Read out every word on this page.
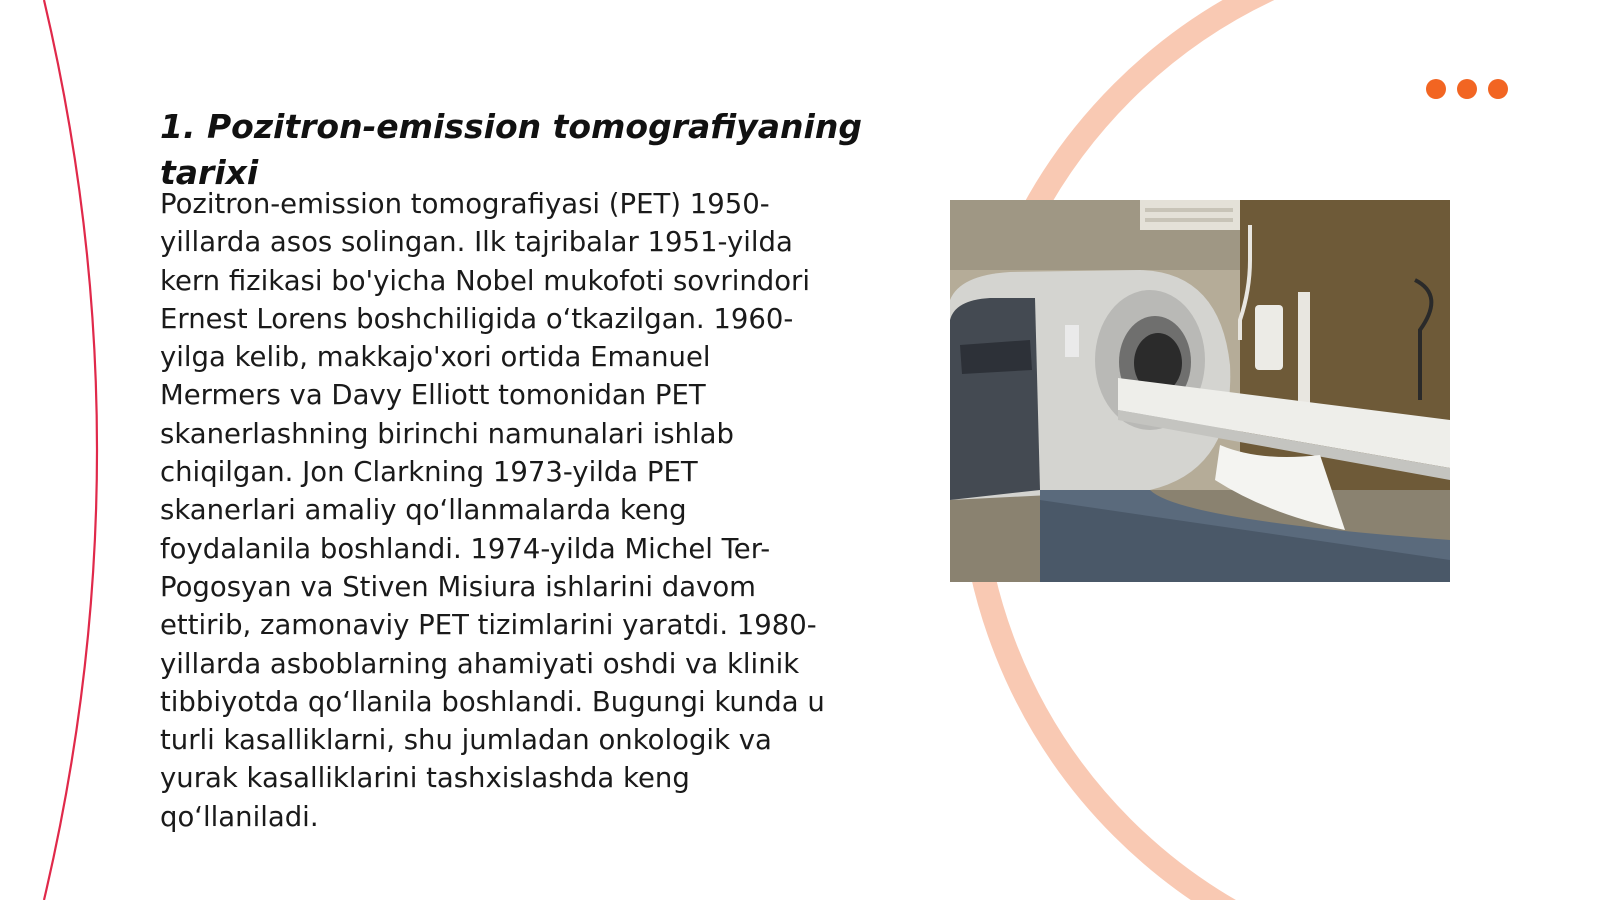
1. Pozitron-emission tomografiyaning tarixi

Pozitron-emission tomografiyasi (PET) 1950-yillarda asos solingan. Ilk tajribalar 1951-yilda kern fizikasi bo'yicha Nobel mukofoti sovrindori Ernest Lorens boshchiligida o‘tkazilgan. 1960-yilga kelib, makkajo'xori ortida Emanuel Mermers va Davy Elliott tomonidan PET skanerlashning birinchi namunalari ishlab chiqilgan. Jon Clarkning 1973-yilda PET skanerlari amaliy qo‘llanmalarda keng foydalanila boshlandi. 1974-yilda Michel Ter-Pogosyan va Stiven Misiura ishlarini davom ettirib, zamonaviy PET tizimlarini yaratdi. 1980-yillarda asboblarning ahamiyati oshdi va klinik tibbiyotda qo‘llanila boshlandi. Bugungi kunda u turli kasalliklarni, shu jumladan onkologik va yurak kasalliklarini tashxislashda keng qo‘llaniladi.
